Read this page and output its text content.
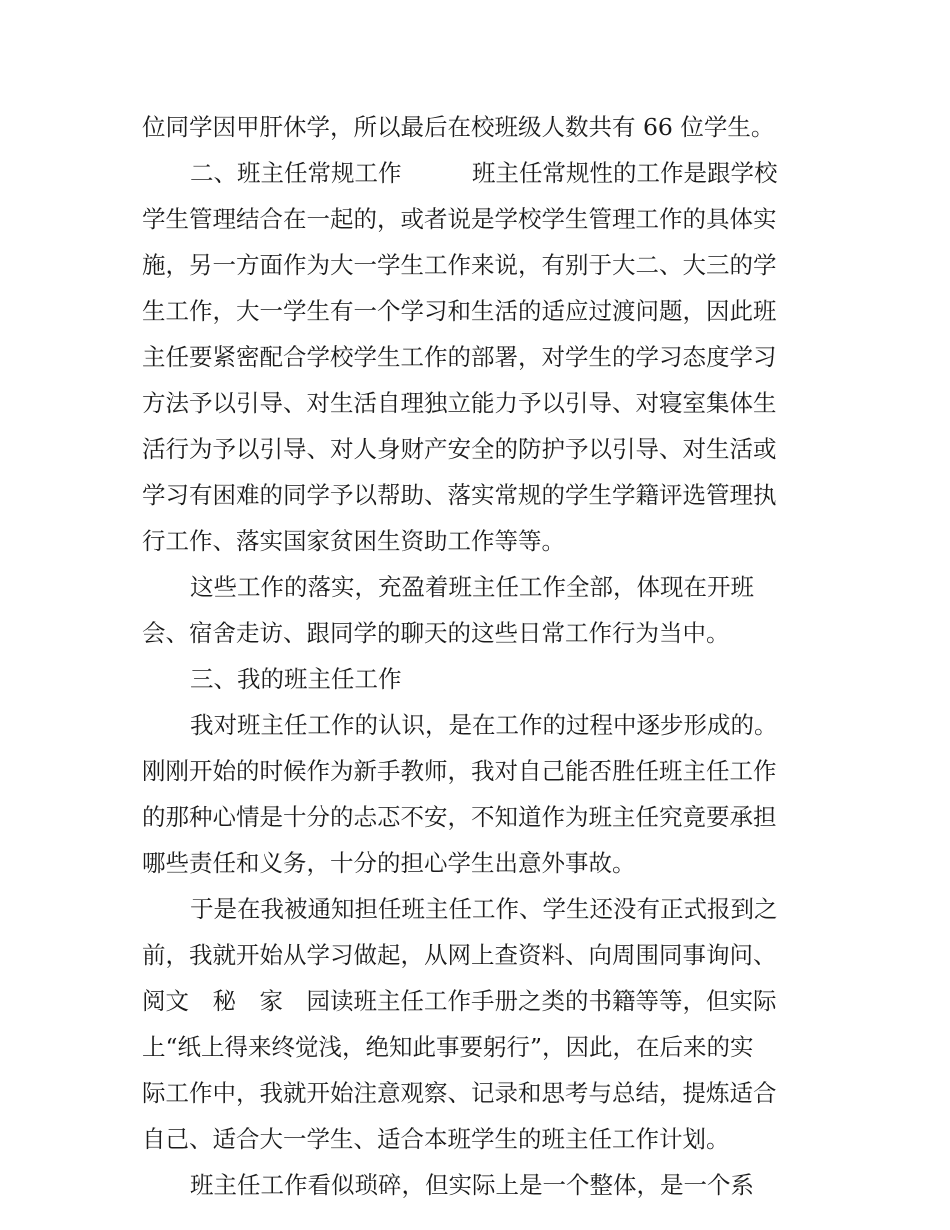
位同学因甲肝休学，所以最后在校班级人数共有 66 位学生。
二、班主任常规工作　　　班主任常规性的工作是跟学校
学生管理结合在一起的，或者说是学校学生管理工作的具体实
施，另一方面作为大一学生工作来说，有别于大二、大三的学
生工作，大一学生有一个学习和生活的适应过渡问题，因此班
主任要紧密配合学校学生工作的部署，对学生的学习态度学习
方法予以引导、对生活自理独立能力予以引导、对寝室集体生
活行为予以引导、对人身财产安全的防护予以引导、对生活或
学习有困难的同学予以帮助、落实常规的学生学籍评选管理执
行工作、落实国家贫困生资助工作等等。
这些工作的落实，充盈着班主任工作全部，体现在开班
会、宿舍走访、跟同学的聊天的这些日常工作行为当中。
三、我的班主任工作
我对班主任工作的认识，是在工作的过程中逐步形成的。
刚刚开始的时候作为新手教师，我对自己能否胜任班主任工作
的那种心情是十分的忐忑不安，不知道作为班主任究竟要承担
哪些责任和义务，十分的担心学生出意外事故。
于是在我被通知担任班主任工作、学生还没有正式报到之
前，我就开始从学习做起，从网上查资料、向周围同事询问、
阅文　秘　家　园读班主任工作手册之类的书籍等等，但实际
上“纸上得来终觉浅，绝知此事要躬行”，因此，在后来的实
际工作中，我就开始注意观察、记录和思考与总结，提炼适合
自己、适合大一学生、适合本班学生的班主任工作计划。
班主任工作看似琐碎，但实际上是一个整体，是一个系
